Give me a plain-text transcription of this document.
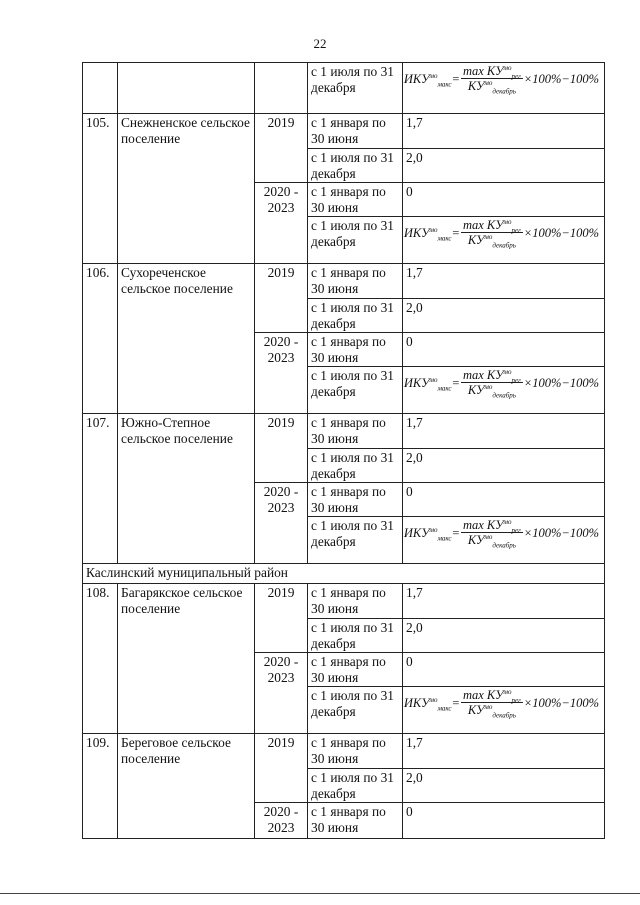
22
			с 1 июля по 31 декабря	$ИКУ^{мо}_{макс} = \frac{\max КУ^{мо}_{рег}}{КУ^{мо}_{декабрь}} \times 100\%-100\%$

105.	Снежненское сельское поселение	2019	с 1 января по 30 июня	1,7
			с 1 июля по 31 декабря	2,0
		2020 - 2023	с 1 января по 30 июня	0
			с 1 июля по 31 декабря	$ИКУ^{мо}_{макс} = \frac{\max КУ^{мо}_{рег}}{КУ^{мо}_{декабрь}} \times 100\%-100\%$

106.	Сухореченское сельское поселение	2019	с 1 января по 30 июня	1,7
			с 1 июля по 31 декабря	2,0
		2020 - 2023	с 1 января по 30 июня	0
			с 1 июля по 31 декабря	$ИКУ^{мо}_{макс} = \frac{\max КУ^{мо}_{рег}}{КУ^{мо}_{декабрь}} \times 100\%-100\%$

107.	Южно-Степное сельское поселение	2019	с 1 января по 30 июня	1,7
			с 1 июля по 31 декабря	2,0
		2020 - 2023	с 1 января по 30 июня	0
			с 1 июля по 31 декабря	$ИКУ^{мо}_{макс} = \frac{\max КУ^{мо}_{рег}}{КУ^{мо}_{декабрь}} \times 100\%-100\%$

Каслинский муниципальный район				
108.	Багарякское сельское поселение	2019	с 1 января по 30 июня	1,7
			с 1 июля по 31 декабря	2,0
		2020 - 2023	с 1 января по 30 июня	0
			с 1 июля по 31 декабря	$ИКУ^{мо}_{макс} = \frac{\max КУ^{мо}_{рег}}{КУ^{мо}_{декабрь}} \times 100\%-100\%$

109.	Береговое сельское поселение	2019	с 1 января по 30 июня	1,7
			с 1 июля по 31 декабря	2,0
		2020 - 2023	с 1 января по 30 июня	0
